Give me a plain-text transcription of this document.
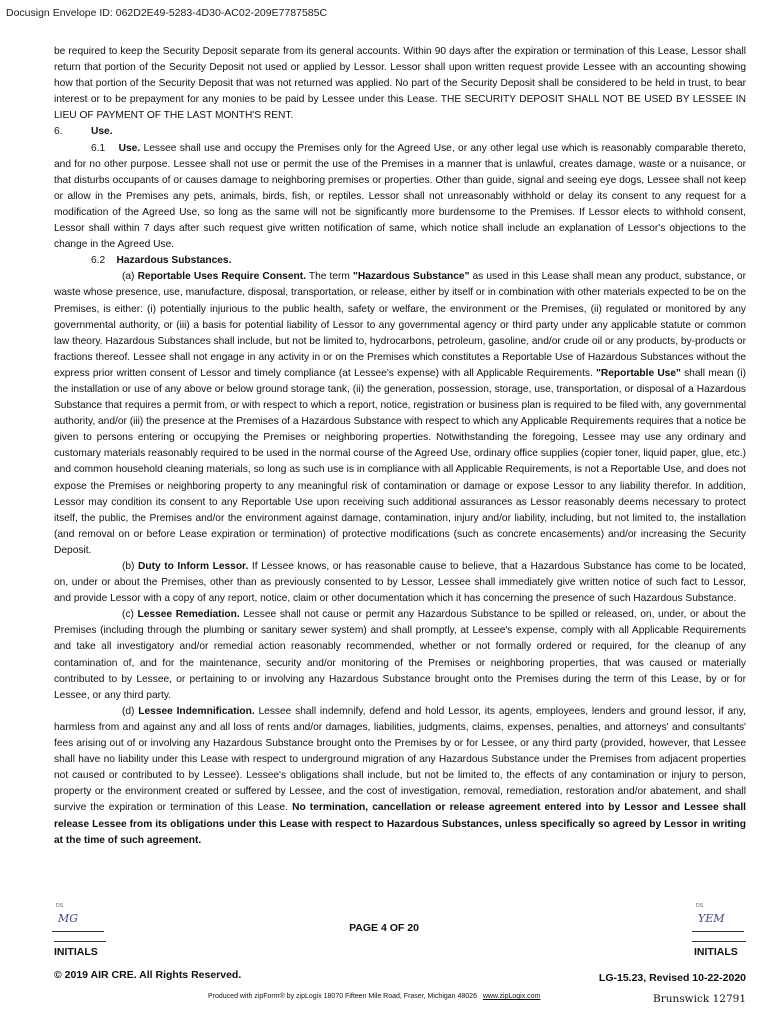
Docusign Envelope ID: 062D2E49-5283-4D30-AC02-209E7787585C

be required to keep the Security Deposit separate from its general accounts. Within 90 days after the expiration or termination of this Lease, Lessor shall return that portion of the Security Deposit not used or applied by Lessor. Lessor shall upon written request provide Lessee with an accounting showing how that portion of the Security Deposit that was not returned was applied. No part of the Security Deposit shall be considered to be held in trust, to bear interest or to be prepayment for any monies to be paid by Lessee under this Lease. THE SECURITY DEPOSIT SHALL NOT BE USED BY LESSEE IN LIEU OF PAYMENT OF THE LAST MONTH'S RENT.

6.	Use.

6.1 Use. Lessee shall use and occupy the Premises only for the Agreed Use, or any other legal use which is reasonably comparable thereto, and for no other purpose. Lessee shall not use or permit the use of the Premises in a manner that is unlawful, creates damage, waste or a nuisance, or that disturbs occupants of or causes damage to neighboring premises or properties. Other than guide, signal and seeing eye dogs, Lessee shall not keep or allow in the Premises any pets, animals, birds, fish, or reptiles. Lessor shall not unreasonably withhold or delay its consent to any request for a modification of the Agreed Use, so long as the same will not be significantly more burdensome to the Premises. If Lessor elects to withhold consent, Lessor shall within 7 days after such request give written notification of same, which notice shall include an explanation of Lessor's objections to the change in the Agreed Use.

6.2 Hazardous Substances.

(a) Reportable Uses Require Consent. The term "Hazardous Substance" as used in this Lease shall mean any product, substance, or waste whose presence, use, manufacture, disposal, transportation, or release, either by itself or in combination with other materials expected to be on the Premises, is either: (i) potentially injurious to the public health, safety or welfare, the environment or the Premises, (ii) regulated or monitored by any governmental authority, or (iii) a basis for potential liability of Lessor to any governmental agency or third party under any applicable statute or common law theory. Hazardous Substances shall include, but not be limited to, hydrocarbons, petroleum, gasoline, and/or crude oil or any products, by-products or fractions thereof. Lessee shall not engage in any activity in or on the Premises which constitutes a Reportable Use of Hazardous Substances without the express prior written consent of Lessor and timely compliance (at Lessee's expense) with all Applicable Requirements. "Reportable Use" shall mean (i) the installation or use of any above or below ground storage tank, (ii) the generation, possession, storage, use, transportation, or disposal of a Hazardous Substance that requires a permit from, or with respect to which a report, notice, registration or business plan is required to be filed with, any governmental authority, and/or (iii) the presence at the Premises of a Hazardous Substance with respect to which any Applicable Requirements requires that a notice be given to persons entering or occupying the Premises or neighboring properties. Notwithstanding the foregoing, Lessee may use any ordinary and customary materials reasonably required to be used in the normal course of the Agreed Use, ordinary office supplies (copier toner, liquid paper, glue, etc.) and common household cleaning materials, so long as such use is in compliance with all Applicable Requirements, is not a Reportable Use, and does not expose the Premises or neighboring property to any meaningful risk of contamination or damage or expose Lessor to any liability therefor. In addition, Lessor may condition its consent to any Reportable Use upon receiving such additional assurances as Lessor reasonably deems necessary to protect itself, the public, the Premises and/or the environment against damage, contamination, injury and/or liability, including, but not limited to, the installation (and removal on or before Lease expiration or termination) of protective modifications (such as concrete encasements) and/or increasing the Security Deposit.

(b) Duty to Inform Lessor. If Lessee knows, or has reasonable cause to believe, that a Hazardous Substance has come to be located, on, under or about the Premises, other than as previously consented to by Lessor, Lessee shall immediately give written notice of such fact to Lessor, and provide Lessor with a copy of any report, notice, claim or other documentation which it has concerning the presence of such Hazardous Substance.

(c) Lessee Remediation. Lessee shall not cause or permit any Hazardous Substance to be spilled or released, on, under, or about the Premises (including through the plumbing or sanitary sewer system) and shall promptly, at Lessee's expense, comply with all Applicable Requirements and take all investigatory and/or remedial action reasonably recommended, whether or not formally ordered or required, for the cleanup of any contamination of, and for the maintenance, security and/or monitoring of the Premises or neighboring properties, that was caused or materially contributed to by Lessee, or pertaining to or involving any Hazardous Substance brought onto the Premises during the term of this Lease, by or for Lessee, or any third party.

(d) Lessee Indemnification. Lessee shall indemnify, defend and hold Lessor, its agents, employees, lenders and ground lessor, if any, harmless from and against any and all loss of rents and/or damages, liabilities, judgments, claims, expenses, penalties, and attorneys' and consultants' fees arising out of or involving any Hazardous Substance brought onto the Premises by or for Lessee, or any third party (provided, however, that Lessee shall have no liability under this Lease with respect to underground migration of any Hazardous Substance under the Premises from adjacent properties not caused or contributed to by Lessee). Lessee's obligations shall include, but not be limited to, the effects of any contamination or injury to person, property or the environment created or suffered by Lessee, and the cost of investigation, removal, remediation, restoration and/or abatement, and shall survive the expiration or termination of this Lease. No termination, cancellation or release agreement entered into by Lessor and Lessee shall release Lessee from its obligations under this Lease with respect to Hazardous Substances, unless specifically so agreed by Lessor in writing at the time of such agreement.

DS
MG
DS
YEM
PAGE 4 OF 20
INITIALS	INITIALS
© 2019 AIR CRE. All Rights Reserved.	LG-15.23, Revised 10-22-2020
Produced with zipForm® by zipLogix 18070 Fifteen Mile Road, Fraser, Michigan 48026 www.zipLogix.com	Brunswick 12791
